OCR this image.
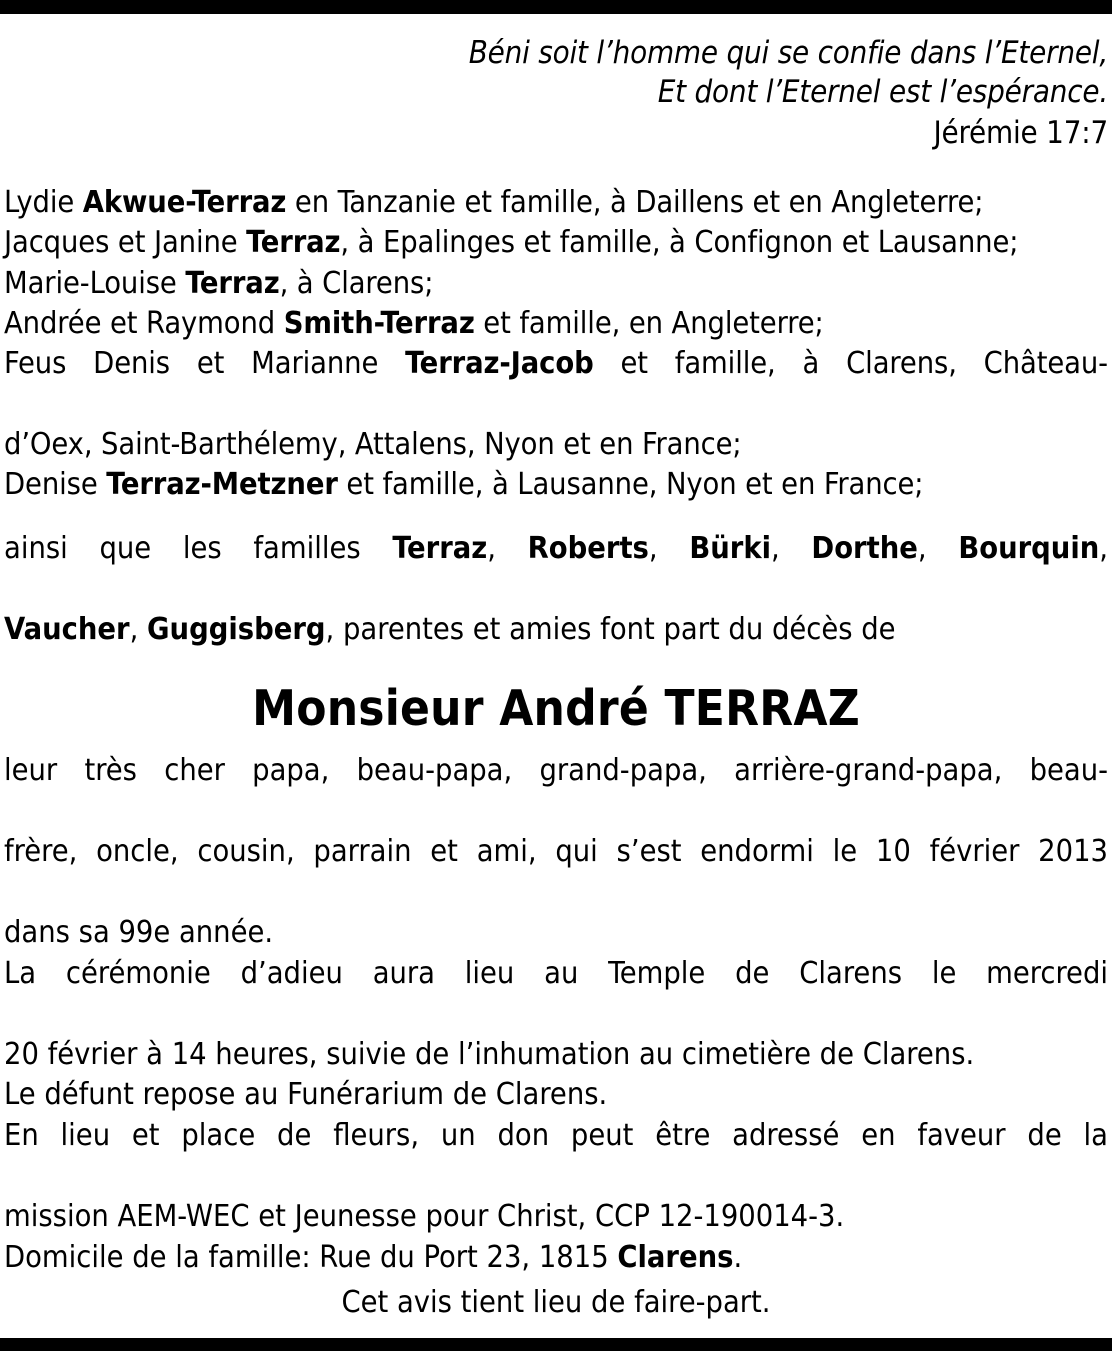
Béni soit l’homme qui se confie dans l’Eternel,
Et dont l’Eternel est l’espérance.
Jérémie 17:7
Lydie Akwue-Terraz en Tanzanie et famille, à Daillens et en Angleterre;
Jacques et Janine Terraz, à Epalinges et famille, à Confignon et Lausanne;
Marie-Louise Terraz, à Clarens;
Andrée et Raymond Smith-Terraz et famille, en Angleterre;
Feus Denis et Marianne Terraz-Jacob et famille, à Clarens, Château-
d’Oex, Saint-Barthélemy, Attalens, Nyon et en France;
Denise Terraz-Metzner et famille, à Lausanne, Nyon et en France;
ainsi que les familles Terraz, Roberts, Bürki, Dorthe, Bourquin,
Vaucher, Guggisberg, parentes et amies font part du décès de
Monsieur André TERRAZ

leur très cher papa, beau-papa, grand-papa, arrière-grand-papa, beau-
frère, oncle, cousin, parrain et ami, qui s’est endormi le 10 février 2013
dans sa 99e année.

La cérémonie d’adieu aura lieu au Temple de Clarens le mercredi
20 février à 14 heures, suivie de l’inhumation au cimetière de Clarens.

Le défunt repose au Funérarium de Clarens.

En lieu et place de fleurs, un don peut être adressé en faveur de la
mission AEM-WEC et Jeunesse pour Christ, CCP 12-190014-3.

Domicile de la famille: Rue du Port 23, 1815 Clarens.

Cet avis tient lieu de faire-part.
